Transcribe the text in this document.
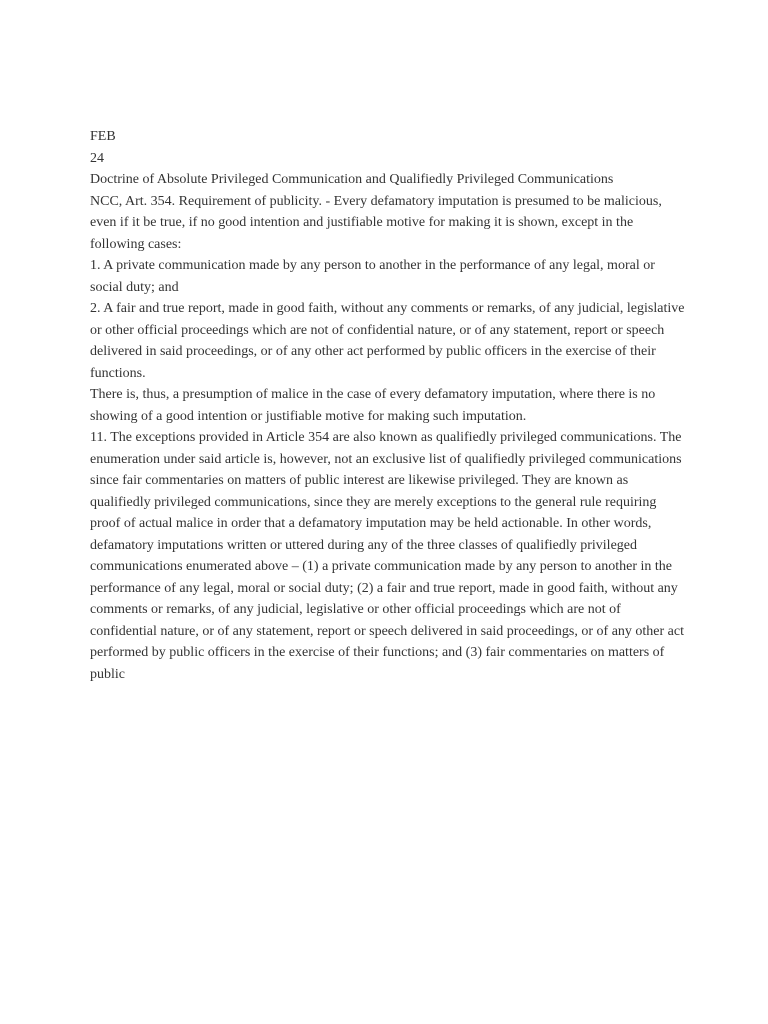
FEB

24

Doctrine of Absolute Privileged Communication and Qualifiedly Privileged Communications

NCC, Art. 354. Requirement of publicity. - Every defamatory imputation is presumed to be malicious, even if it be true, if no good intention and justifiable motive for making it is shown, except in the following cases:

1. A private communication made by any person to another in the performance of any legal, moral or social duty; and

2. A fair and true report, made in good faith, without any comments or remarks, of any judicial, legislative or other official proceedings which are not of confidential nature, or of any statement, report or speech delivered in said proceedings, or of any other act performed by public officers in the exercise of their functions.

There is, thus, a presumption of malice in the case of every defamatory imputation, where there is no showing of a good intention or justifiable motive for making such imputation.

11. The exceptions provided in Article 354 are also known as qualifiedly privileged communications. The enumeration under said article is, however, not an exclusive list of qualifiedly privileged communications since fair commentaries on matters of public interest are likewise privileged. They are known as qualifiedly privileged communications, since they are merely exceptions to the general rule requiring proof of actual malice in order that a defamatory imputation may be held actionable. In other words, defamatory imputations written or uttered during any of the three classes of qualifiedly privileged communications enumerated above – (1) a private communication made by any person to another in the performance of any legal, moral or social duty; (2) a fair and true report, made in good faith, without any comments or remarks, of any judicial, legislative or other official proceedings which are not of confidential nature, or of any statement, report or speech delivered in said proceedings, or of any other act performed by public officers in the exercise of their functions; and (3) fair commentaries on matters of public
